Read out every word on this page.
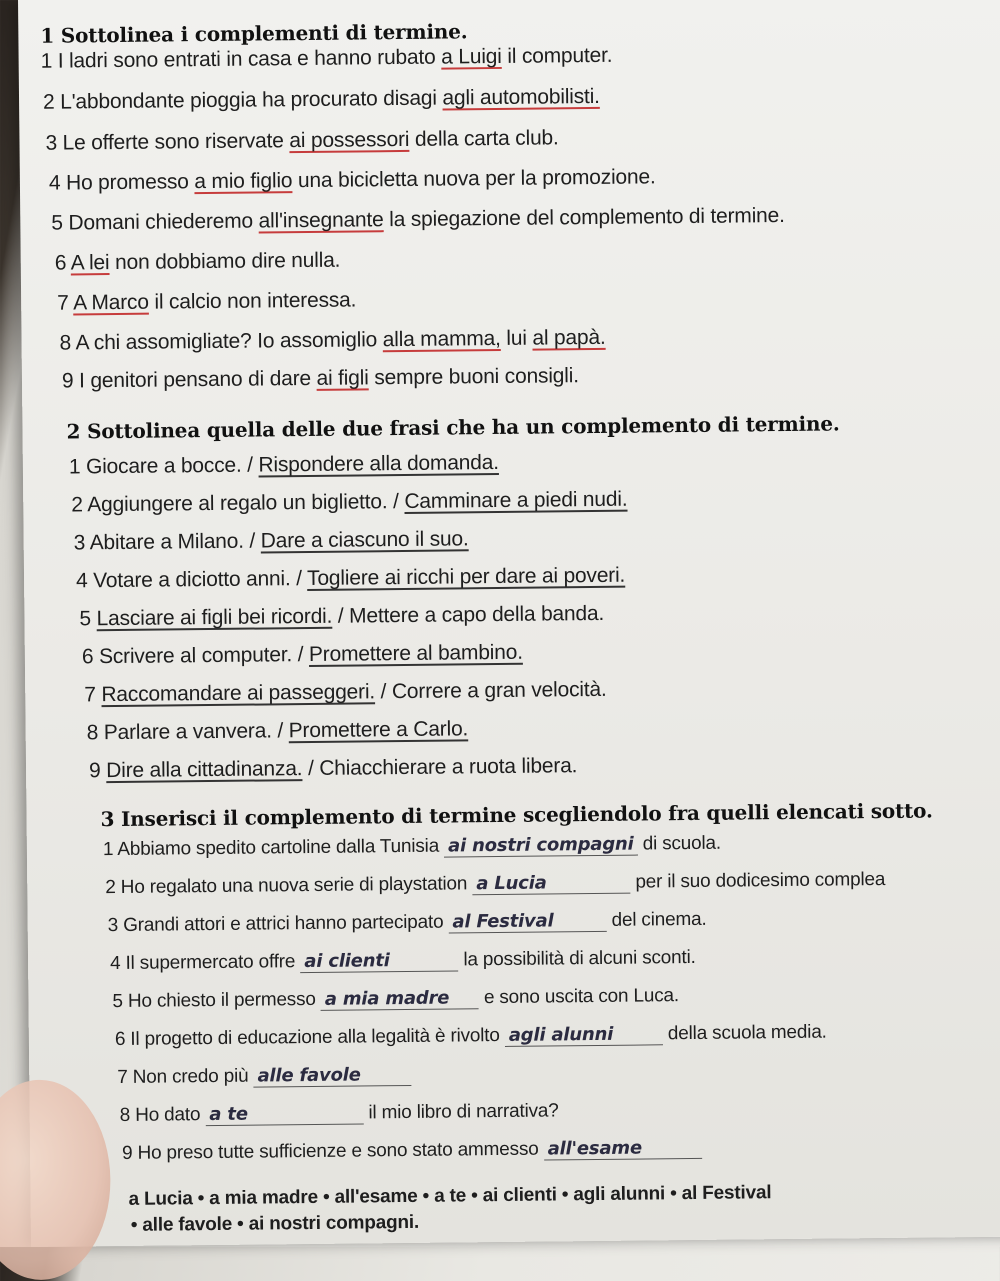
1 Sottolinea i complementi di termine.
1 I ladri sono entrati in casa e hanno rubato a Luigi il computer.
2 L'abbondante pioggia ha procurato disagi agli automobilisti.
3 Le offerte sono riservate ai possessori della carta club.
4 Ho promesso a mio figlio una bicicletta nuova per la promozione.
5 Domani chiederemo all'insegnante la spiegazione del complemento di termine.
6 A lei non dobbiamo dire nulla.
7 A Marco il calcio non interessa.
8 A chi assomigliate? Io assomiglio alla mamma, lui al papà.
9 I genitori pensano di dare ai figli sempre buoni consigli.
2 Sottolinea quella delle due frasi che ha un complemento di termine.
1 Giocare a bocce. / Rispondere alla domanda.
2 Aggiungere al regalo un biglietto. / Camminare a piedi nudi.
3 Abitare a Milano. / Dare a ciascuno il suo.
4 Votare a diciotto anni. / Togliere ai ricchi per dare ai poveri.
5 Lasciare ai figli bei ricordi. / Mettere a capo della banda.
6 Scrivere al computer. / Promettere al bambino.
7 Raccomandare ai passeggeri. / Correre a gran velocità.
8 Parlare a vanvera. / Promettere a Carlo.
9 Dire alla cittadinanza. / Chiacchierare a ruota libera.
3 Inserisci il complemento di termine scegliendolo fra quelli elencati sotto.
1 Abbiamo spedito cartoline dalla Tunisia ai nostri compagni di scuola.
2 Ho regalato una nuova serie di playstation a Lucia	per il suo dodicesimo complea
3 Grandi attori e attrici hanno partecipato al Festival	del cinema.
4 Il supermercato offre ai clienti	la possibilità di alcuni sconti.
5 Ho chiesto il permesso a mia madre e sono uscita con Luca.
6 Il progetto di educazione alla legalità è rivolto agli alunni	della scuola media.
7 Non credo più alle favole
8 Ho dato a te	il mio libro di narrativa?
9 Ho preso tutte sufficienze e sono stato ammesso all'esame
a Lucia • a mia madre • all'esame • a te • ai clienti • agli alunni • al Festival
• alle favole • ai nostri compagni.
